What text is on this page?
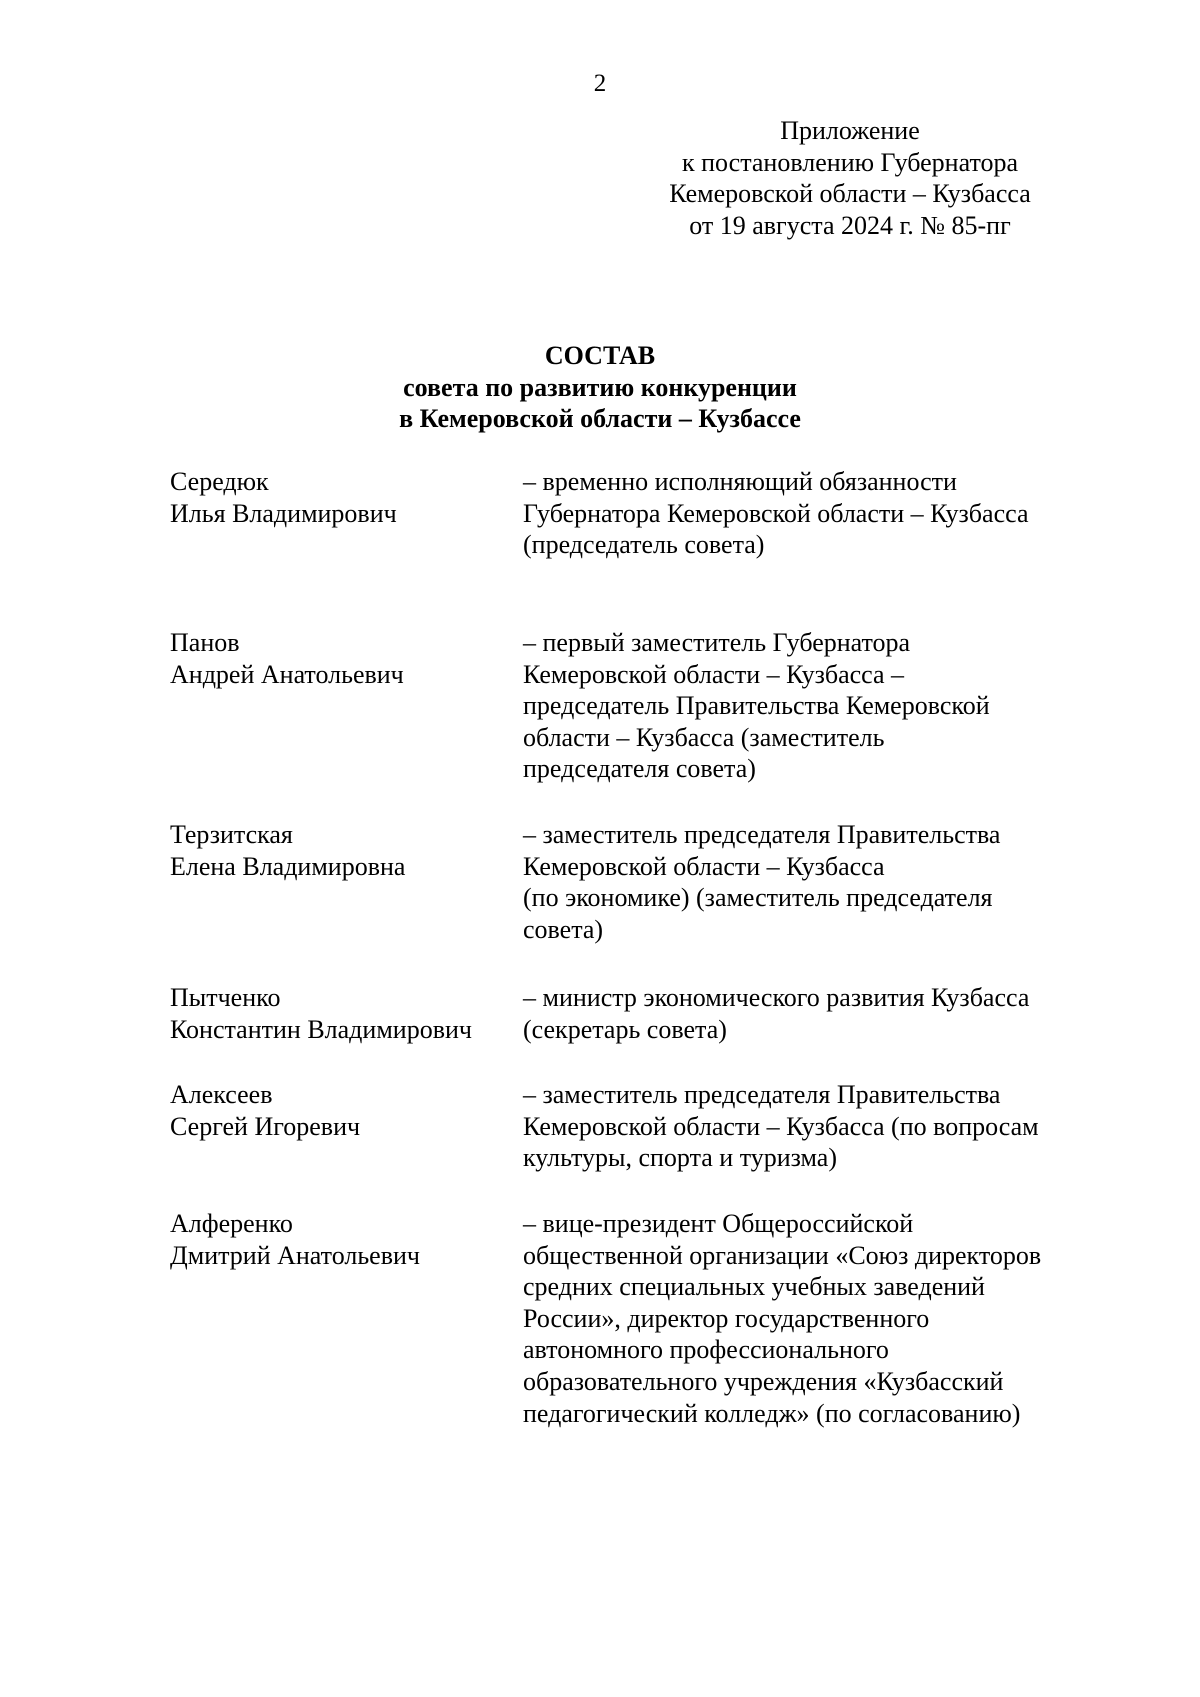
2
Приложение
к постановлению Губернатора
Кемеровской области – Кузбасса
от 19 августа 2024 г. № 85-пг
СОСТАВ
совета по развитию конкуренции
в Кемеровской области – Кузбассе
Середюк
Илья Владимирович
– временно исполняющий обязанности
Губернатора Кемеровской области – Кузбасса
(председатель совета)
Панов
Андрей Анатольевич
– первый заместитель Губернатора
Кемеровской области – Кузбасса –
председатель Правительства Кемеровской
области – Кузбасса (заместитель
председателя совета)
Терзитская
Елена Владимировна
– заместитель председателя Правительства
Кемеровской области – Кузбасса
(по экономике) (заместитель председателя
совета)
Пытченко
Константин Владимирович
– министр экономического развития Кузбасса
(секретарь совета)
Алексеев
Сергей Игоревич
– заместитель председателя Правительства
Кемеровской области – Кузбасса (по вопросам
культуры, спорта и туризма)
Алференко
Дмитрий Анатольевич
– вице-президент Общероссийской
общественной организации «Союз директоров
средних специальных учебных заведений
России», директор государственного
автономного профессионального
образовательного учреждения «Кузбасский
педагогический колледж» (по согласованию)
